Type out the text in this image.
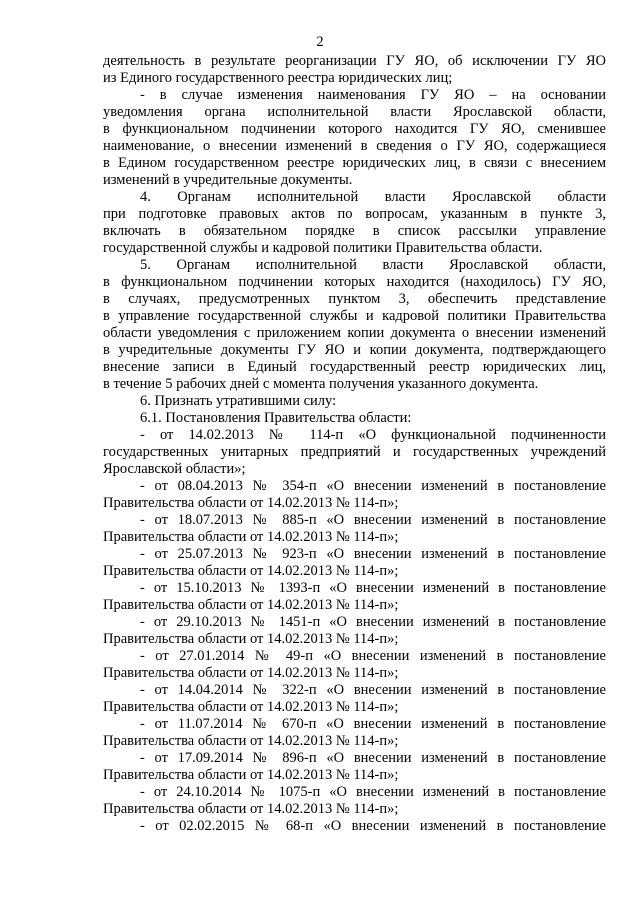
2
деятельность в результате реорганизации ГУ ЯО, об исключении ГУ ЯО
из Единого государственного реестра юридических лиц;
- в случае изменения наименования ГУ ЯО – на основании
уведомления органа исполнительной власти Ярославской области,
в функциональном подчинении которого находится ГУ ЯО, сменившее
наименование, о внесении изменений в сведения о ГУ ЯО, содержащиеся
в Едином государственном реестре юридических лиц, в связи с внесением
изменений в учредительные документы.
4. Органам исполнительной власти Ярославской области
при подготовке правовых актов по вопросам, указанным в пункте 3,
включать в обязательном порядке в список рассылки управление
государственной службы и кадровой политики Правительства области.
5. Органам исполнительной власти Ярославской области,
в функциональном подчинении которых находится (находилось) ГУ ЯО,
в случаях, предусмотренных пунктом 3, обеспечить представление
в управление государственной службы и кадровой политики Правительства
области уведомления с приложением копии документа о внесении изменений
в учредительные документы ГУ ЯО и копии документа, подтверждающего
внесение записи в Единый государственный реестр юридических лиц,
в течение 5 рабочих дней с момента получения указанного документа.
6. Признать утратившими силу:
6.1. Постановления Правительства области:
- от 14.02.2013 № 114-п «О функциональной подчиненности
государственных унитарных предприятий и государственных учреждений
Ярославской области»;
- от 08.04.2013 № 354-п «О внесении изменений в постановление
Правительства области от 14.02.2013 № 114-п»;
- от 18.07.2013 № 885-п «О внесении изменений в постановление
Правительства области от 14.02.2013 № 114-п»;
- от 25.07.2013 № 923-п «О внесении изменений в постановление
Правительства области от 14.02.2013 № 114-п»;
- от 15.10.2013 № 1393-п «О внесении изменений в постановление
Правительства области от 14.02.2013 № 114-п»;
- от 29.10.2013 № 1451-п «О внесении изменений в постановление
Правительства области от 14.02.2013 № 114-п»;
- от 27.01.2014 № 49-п «О внесении изменений в постановление
Правительства области от 14.02.2013 № 114-п»;
- от 14.04.2014 № 322-п «О внесении изменений в постановление
Правительства области от 14.02.2013 № 114-п»;
- от 11.07.2014 № 670-п «О внесении изменений в постановление
Правительства области от 14.02.2013 № 114-п»;
- от 17.09.2014 № 896-п «О внесении изменений в постановление
Правительства области от 14.02.2013 № 114-п»;
- от 24.10.2014 № 1075-п «О внесении изменений в постановление
Правительства области от 14.02.2013 № 114-п»;
- от 02.02.2015 № 68-п «О внесении изменений в постановление
